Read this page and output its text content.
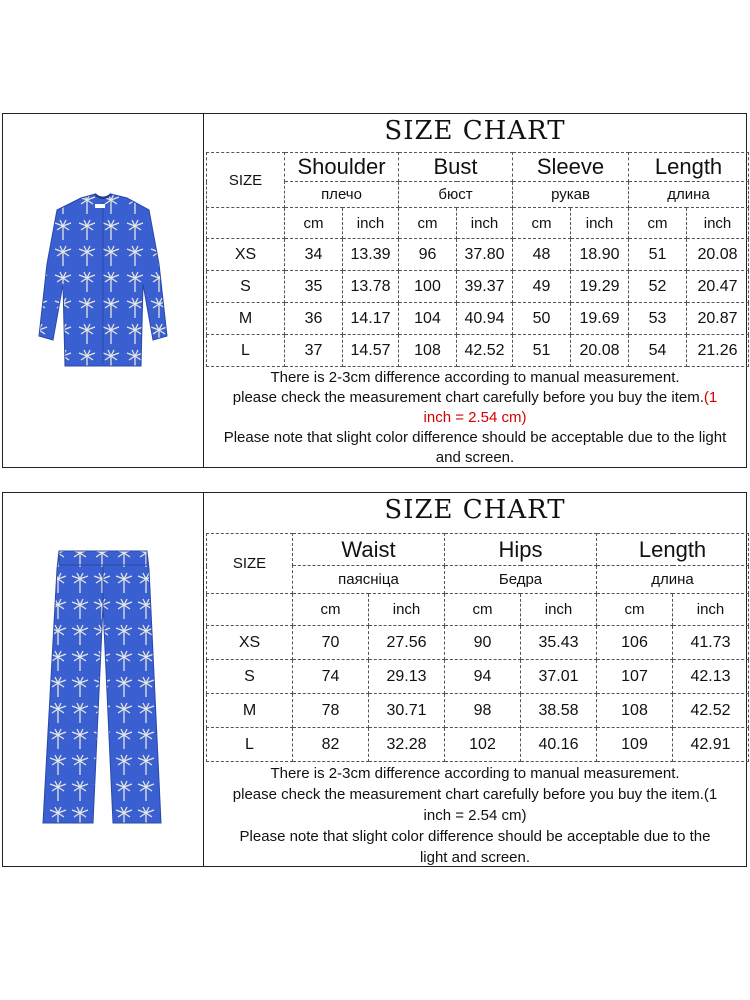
SIZE CHART
SIZE	Shoulder		Bust		Sleeve		Length	
	плечо		бюст		рукав		длина	
	cm	inch	cm	inch	cm	inch	cm	inch
XS	34	13.39	96	37.80	48	18.90	51	20.08
S	35	13.78	100	39.37	49	19.29	52	20.47
M	36	14.17	104	40.94	50	19.69	53	20.87
L	37	14.57	108	42.52	51	20.08	54	21.26
There is 2-3cm difference according to manual measurement.
please check the measurement chart carefully before you buy the item.(1
inch = 2.54 cm)
Please note that slight color difference should be acceptable due to the light
and screen.
SIZE CHART
SIZE	Waist		Hips		Length	
	паясніца		Бедра		длина	
	cm	inch	cm	inch	cm	inch
XS	70	27.56	90	35.43	106	41.73
S	74	29.13	94	37.01	107	42.13
M	78	30.71	98	38.58	108	42.52
L	82	32.28	102	40.16	109	42.91
There is 2-3cm difference according to manual measurement.
please check the measurement chart carefully before you buy the item.(1
inch = 2.54 cm)
Please note that slight color difference should be acceptable due to the
light and screen.
